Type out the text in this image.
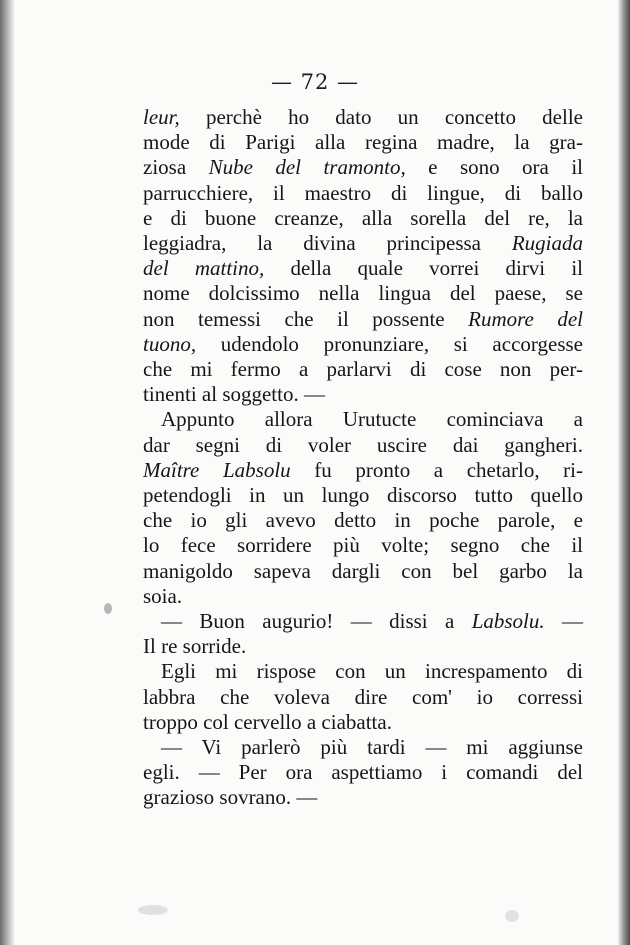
— 72 —
leur, perchè ho dato un concetto delle
mode di Parigi alla regina madre, la gra-
ziosa Nube del tramonto, e sono ora il
parrucchiere, il maestro di lingue, di ballo
e di buone creanze, alla sorella del re, la
leggiadra, la divina principessa Rugiada
del mattino, della quale vorrei dirvi il
nome dolcissimo nella lingua del paese, se
non temessi che il possente Rumore del
tuono, udendolo pronunziare, si accorgesse
che mi fermo a parlarvi di cose non per-
tinenti al soggetto. —
Appunto allora Urutucte cominciava a
dar segni di voler uscire dai gangheri.
Maître Labsolu fu pronto a chetarlo, ri-
petendogli in un lungo discorso tutto quello
che io gli avevo detto in poche parole, e
lo fece sorridere più volte; segno che il
manigoldo sapeva dargli con bel garbo la
soia.
— Buon augurio! — dissi a Labsolu. —
Il re sorride.
Egli mi rispose con un increspamento di
labbra che voleva dire com' io corressi
troppo col cervello a ciabatta.
— Vi parlerò più tardi — mi aggiunse
egli. — Per ora aspettiamo i comandi del
grazioso sovrano. —
